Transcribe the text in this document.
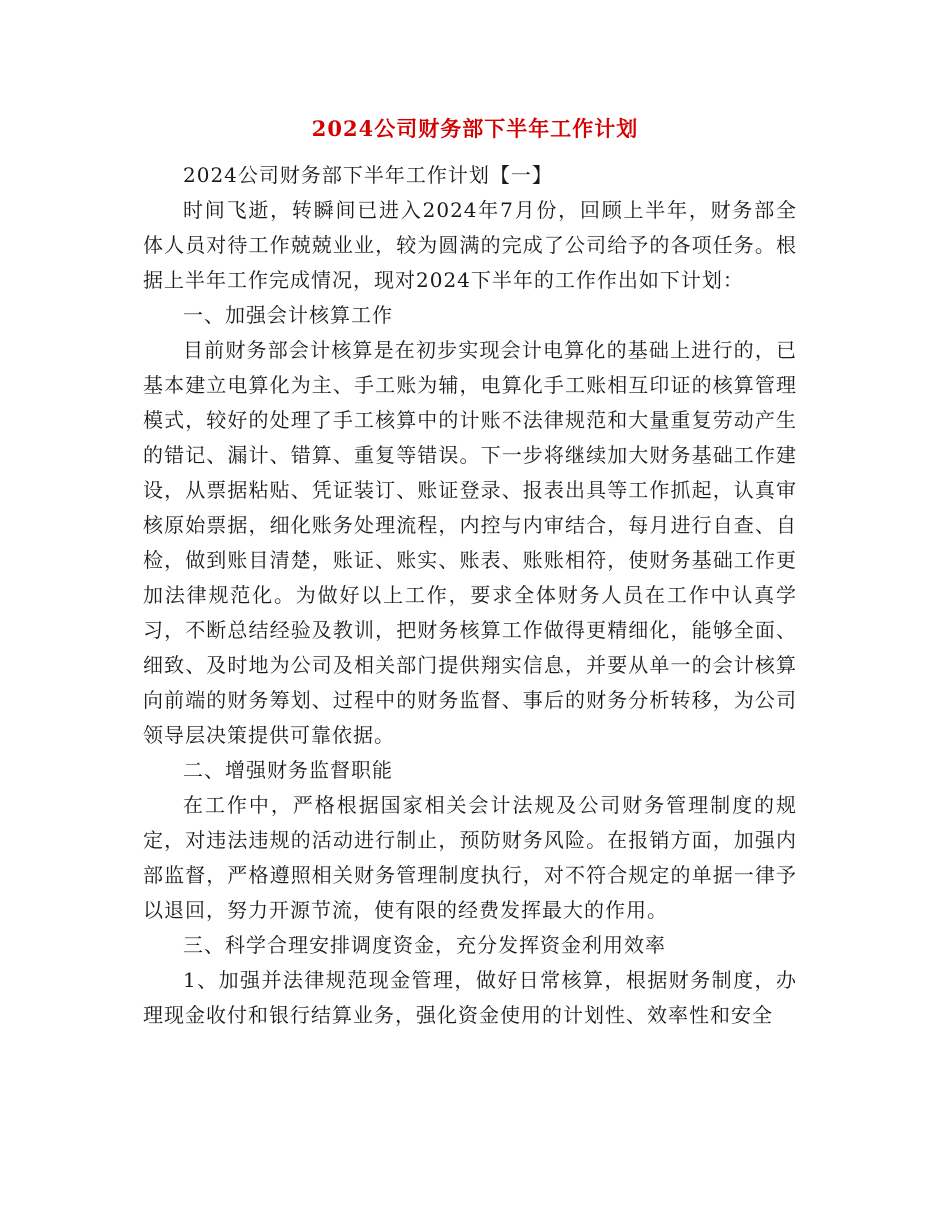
2024公司财务部下半年工作计划

2024公司财务部下半年工作计划【一】

时间飞逝，转瞬间已进入2024年7月份，回顾上半年，财务部全体人员对待工作兢兢业业，较为圆满的完成了公司给予的各项任务。根据上半年工作完成情况，现对2024下半年的工作作出如下计划：

一、加强会计核算工作

目前财务部会计核算是在初步实现会计电算化的基础上进行的，已基本建立电算化为主、手工账为辅，电算化手工账相互印证的核算管理模式，较好的处理了手工核算中的计账不法律规范和大量重复劳动产生的错记、漏计、错算、重复等错误。下一步将继续加大财务基础工作建设，从票据粘贴、凭证装订、账证登录、报表出具等工作抓起，认真审核原始票据，细化账务处理流程，内控与内审结合，每月进行自查、自检，做到账目清楚，账证、账实、账表、账账相符，使财务基础工作更加法律规范化。为做好以上工作，要求全体财务人员在工作中认真学习，不断总结经验及教训，把财务核算工作做得更精细化，能够全面、细致、及时地为公司及相关部门提供翔实信息，并要从单一的会计核算向前端的财务筹划、过程中的财务监督、事后的财务分析转移，为公司领导层决策提供可靠依据。

二、增强财务监督职能

在工作中，严格根据国家相关会计法规及公司财务管理制度的规定，对违法违规的活动进行制止，预防财务风险。在报销方面，加强内部监督，严格遵照相关财务管理制度执行，对不符合规定的单据一律予以退回，努力开源节流，使有限的经费发挥最大的作用。

三、科学合理安排调度资金，充分发挥资金利用效率

1、加强并法律规范现金管理，做好日常核算，根据财务制度，办理现金收付和银行结算业务，强化资金使用的计划性、效率性和安全
